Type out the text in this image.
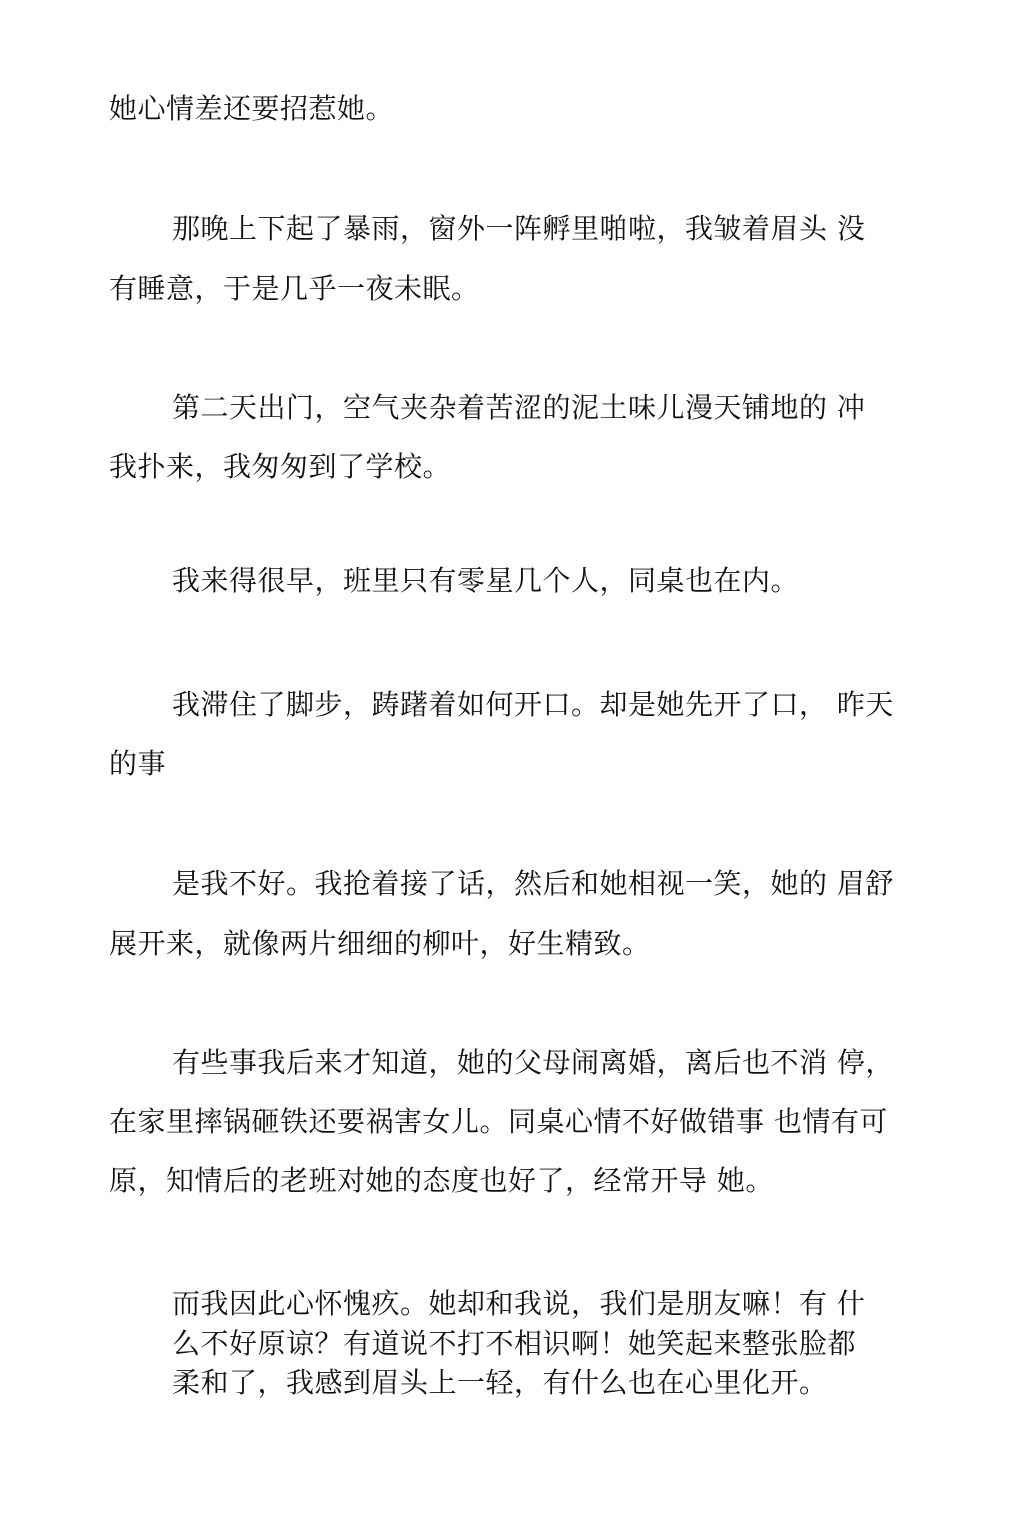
她心情差还要招惹她。
那晚上下起了暴雨，窗外一阵孵里啪啦，我皱着眉头 没
有睡意，于是几乎一夜未眠。
第二天出门，空气夹杂着苦涩的泥土味儿漫天铺地的 冲
我扑来，我匆匆到了学校。
我来得很早，班里只有零星几个人，同桌也在内。
我滞住了脚步，踌躇着如何开口。却是她先开了口， 昨天
的事
是我不好。我抢着接了话，然后和她相视一笑，她的 眉舒
展开来，就像两片细细的柳叶，好生精致。
有些事我后来才知道，她的父母闹离婚，离后也不消 停，
在家里摔锅砸铁还要祸害女儿。同桌心情不好做错事 也情有可
原，知情后的老班对她的态度也好了，经常开导 她。
而我因此心怀愧疚。她却和我说，我们是朋友嘛！有 什
么不好原谅？有道说不打不相识啊！她笑起来整张脸都
柔和了，我感到眉头上一轻，有什么也在心里化开。
